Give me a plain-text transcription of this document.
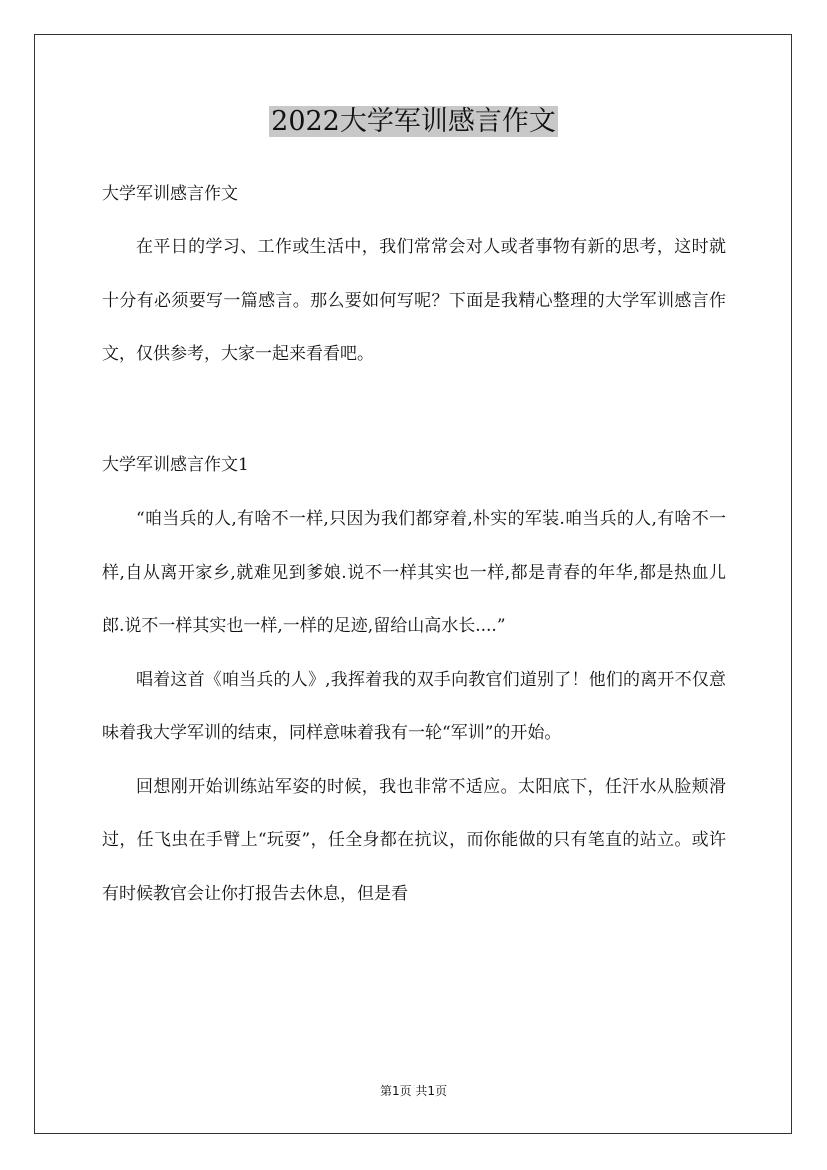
2022大学军训感言作文
大学军训感言作文

在平日的学习、工作或生活中，我们常常会对人或者事物有新的思考，这时就十分有必须要写一篇感言。那么要如何写呢？下面是我精心整理的大学军训感言作文，仅供参考，大家一起来看看吧。

大学军训感言作文1

“咱当兵的人,有啥不一样,只因为我们都穿着,朴实的军装.咱当兵的人,有啥不一样,自从离开家乡,就难见到爹娘.说不一样其实也一样,都是青春的年华,都是热血儿郎.说不一样其实也一样,一样的足迹,留给山高水长....”

唱着这首《咱当兵的人》,我挥着我的双手向教官们道别了！他们的离开不仅意味着我大学军训的结束，同样意味着我有一轮“军训”的开始。

回想刚开始训练站军姿的时候，我也非常不适应。太阳底下，任汗水从脸颊滑过，任飞虫在手臂上“玩耍”，任全身都在抗议，而你能做的只有笔直的站立。或许有时候教官会让你打报告去休息，但是看

第1页 共1页
